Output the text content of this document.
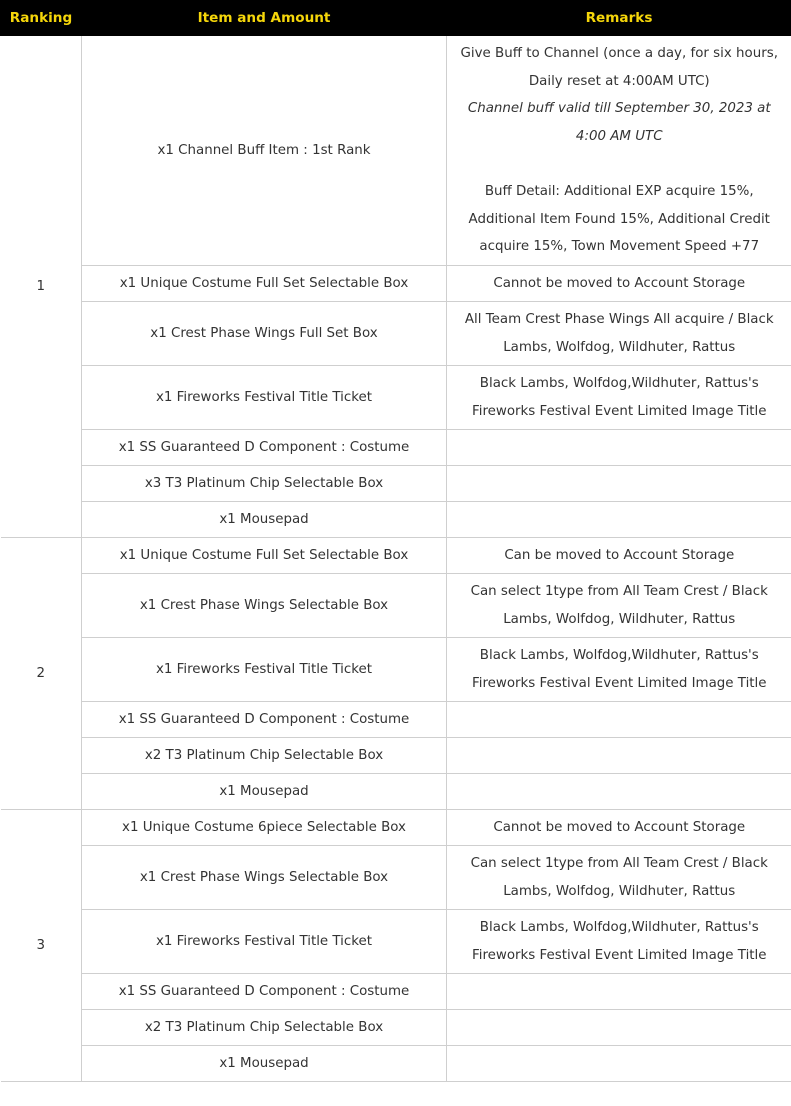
Ranking	Item and Amount	Remarks
1	x1 Channel Buff Item : 1st Rank	Give Buff to Channel (once a day, for six hours, Daily reset at 4:00AM UTC)

Channel buff valid till September 30, 2023 at 4:00 AM UTC

Buff Detail: Additional EXP acquire 15%, Additional Item Found 15%, Additional Credit acquire 15%, Town Movement Speed +77

	x1 Unique Costume Full Set Selectable Box	Cannot be moved to Account Storage
	x1 Crest Phase Wings Full Set Box	All Team Crest Phase Wings All acquire / Black Lambs, Wolfdog, Wildhuter, Rattus
	x1 Fireworks Festival Title Ticket	Black Lambs, Wolfdog,Wildhuter, Rattus's Fireworks Festival Event Limited Image Title
	x1 SS Guaranteed D Component : Costume	
	x3 T3 Platinum Chip Selectable Box	
	x1 Mousepad	
2	x1 Unique Costume Full Set Selectable Box	Can be moved to Account Storage
	x1 Crest Phase Wings Selectable Box	Can select 1type from All Team Crest / Black Lambs, Wolfdog, Wildhuter, Rattus
	x1 Fireworks Festival Title Ticket	Black Lambs, Wolfdog,Wildhuter, Rattus's Fireworks Festival Event Limited Image Title
	x1 SS Guaranteed D Component : Costume	
	x2 T3 Platinum Chip Selectable Box	
	x1 Mousepad	
3	x1 Unique Costume 6piece Selectable Box	Cannot be moved to Account Storage
	x1 Crest Phase Wings Selectable Box	Can select 1type from All Team Crest / Black Lambs, Wolfdog, Wildhuter, Rattus
	x1 Fireworks Festival Title Ticket	Black Lambs, Wolfdog,Wildhuter, Rattus's Fireworks Festival Event Limited Image Title
	x1 SS Guaranteed D Component : Costume	
	x2 T3 Platinum Chip Selectable Box	
	x1 Mousepad	
